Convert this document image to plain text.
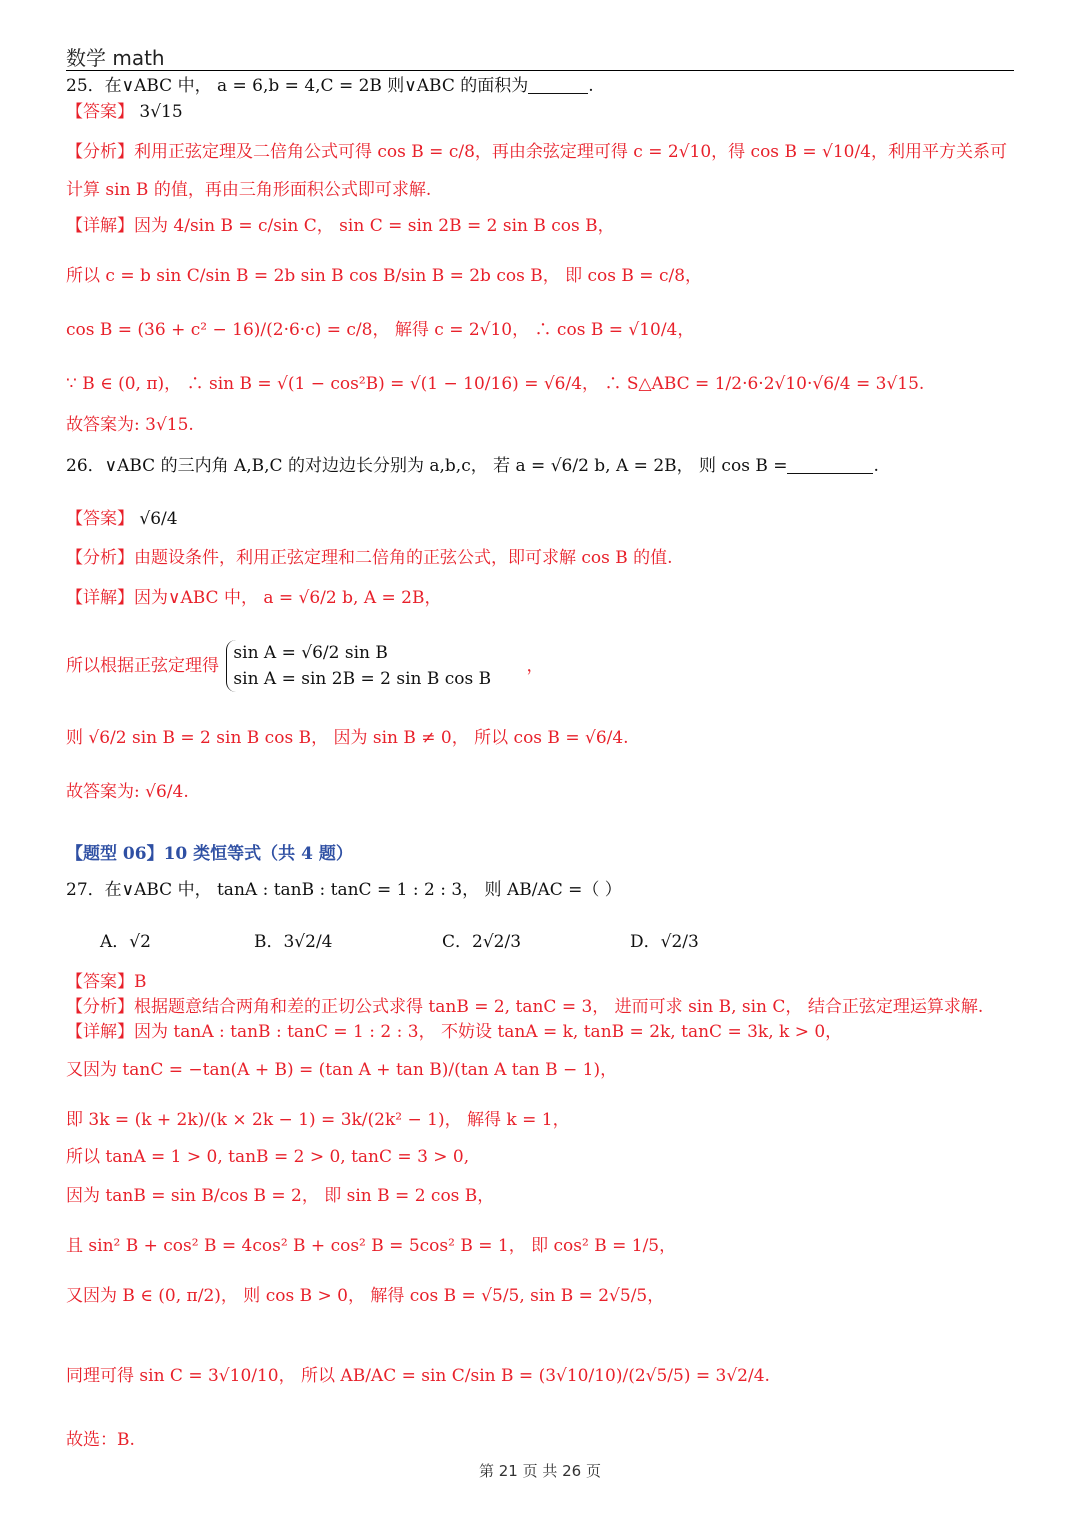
数学 math
25．在∨ABC 中， a = 6,b = 4,C = 2B 则∨ABC 的面积为	.
【答案】 3√15
【分析】利用正弦定理及二倍角公式可得 cos B = c/8，再由余弦定理可得 c = 2√10，得 cos B = √10/4，利用平方关系可
计算 sin B 的值，再由三角形面积公式即可求解.
【详解】因为 4/sin B = c/sin C， sin C = sin 2B = 2 sin B cos B，
所以 c = b sin C/sin B = 2b sin B cos B/sin B = 2b cos B， 即 cos B = c/8，
cos B = (36 + c² − 16)/(2·6·c) = c/8， 解得 c = 2√10， ∴ cos B = √10/4，
∵ B ∈ (0, π)， ∴ sin B = √(1 − cos²B) = √(1 − 10/16) = √6/4， ∴ S△ABC = 1/2·6·2√10·√6/4 = 3√15.
故答案为: 3√15.
26．∨ABC 的三内角 A,B,C 的对边边长分别为 a,b,c， 若 a = √6/2 b, A = 2B， 则 cos B =	.
【答案】 √6/4
【分析】由题设条件，利用正弦定理和二倍角的正弦公式，即可求解 cos B 的值.
【详解】因为∨ABC 中， a = √6/2 b, A = 2B，
所以根据正弦定理得
sin A = √6/2 sin B
sin A = sin 2B = 2 sin B cos B
，
则 √6/2 sin B = 2 sin B cos B， 因为 sin B ≠ 0， 所以 cos B = √6/4.
故答案为: √6/4.
【题型 06】10 类恒等式（共 4 题）
27．在∨ABC 中， tanA : tanB : tanC = 1 : 2 : 3， 则 AB/AC =（ ）
A．√2	B．3√2/4	C．2√2/3	D．√2/3
【答案】B
【分析】根据题意结合两角和差的正切公式求得 tanB = 2, tanC = 3， 进而可求 sin B, sin C， 结合正弦定理运算求解.
【详解】因为 tanA : tanB : tanC = 1 : 2 : 3， 不妨设 tanA = k, tanB = 2k, tanC = 3k, k > 0，
又因为 tanC = −tan(A + B) = (tan A + tan B)/(tan A tan B − 1)，
即 3k = (k + 2k)/(k × 2k − 1) = 3k/(2k² − 1)， 解得 k = 1，
所以 tanA = 1 > 0, tanB = 2 > 0, tanC = 3 > 0,
因为 tanB = sin B/cos B = 2， 即 sin B = 2 cos B，
且 sin² B + cos² B = 4cos² B + cos² B = 5cos² B = 1， 即 cos² B = 1/5，
又因为 B ∈ (0, π/2)， 则 cos B > 0， 解得 cos B = √5/5, sin B = 2√5/5，
同理可得 sin C = 3√10/10， 所以 AB/AC = sin C/sin B = (3√10/10)/(2√5/5) = 3√2/4.
故选：B.
第 21 页 共 26 页
